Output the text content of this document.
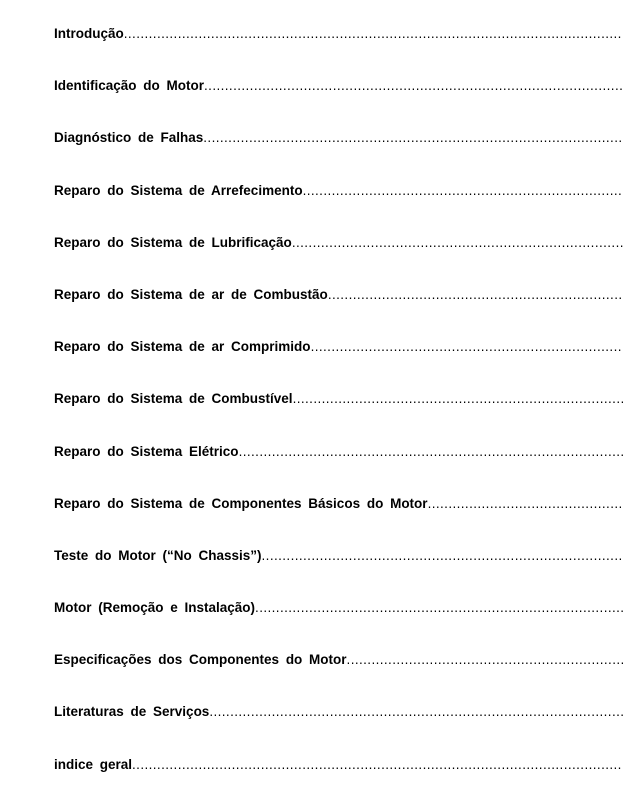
Introdução
.....
Identificação do Motor
.....
Diagnóstico de Falhas
.....
Reparo do Sistema de Arrefecimento
.....
Reparo do Sistema de Lubrificação
.....
Reparo do Sistema de ar de Combustão
.....
Reparo do Sistema de ar Comprimido
.....
Reparo do Sistema de Combustível
.....
Reparo do Sistema Elétrico
.....
Reparo do Sistema de Componentes Básicos do Motor
.....
Teste do Motor (“No Chassis”)
.....
Motor (Remoção e Instalação)
.....
Especificações dos Componentes do Motor
.....
Literaturas de Serviços
.....
indice geral
.....
